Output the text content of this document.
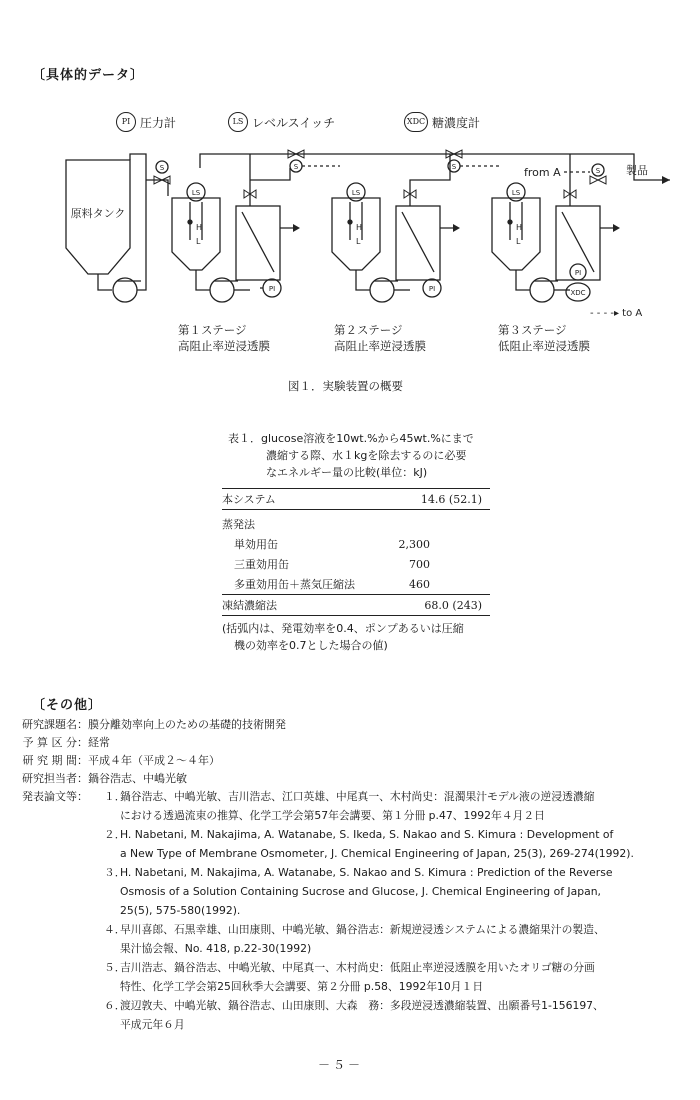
〔具体的データ〕
PI 圧力計	LS レベルスイッチ	XDC 糖濃度計
原料タンク
S	製品
LS
H
L
PI
S
LS
H
L
PI
S
LS
H
L
XDC
PI
from A	S
- - - -▸ to A
第１ステージ
高阻止率逆浸透膜
第２ステージ
高阻止率逆浸透膜
第３ステージ
低阻止率逆浸透膜
図１．実験装置の概要
表１．glucose溶液を10wt.%から45wt.%にまで
濃縮する際、水１kgを除去するのに必要
なエネルギー量の比較(単位：kJ)
本システム	14.6 (52.1)
蒸発法	
単効用缶	2,300
三重効用缶	700
多重効用缶＋蒸気圧縮法	460
凍結濃縮法	68.0 (243)
(括弧内は、発電効率を0.4、ポンプあるいは圧縮
機の効率を0.7とした場合の値)
〔その他〕
研究課題名：膜分離効率向上のための基礎的技術開発
予 算 区 分：経常
研 究 期 間：平成４年（平成２～４年）
研究担当者：鍋谷浩志、中嶋光敏
発表論文等： １．鍋谷浩志、中嶋光敏、吉川浩志、江口英雄、中尾真一、木村尚史：混濁果汁モデル液の逆浸透濃縮
における透過流束の推算、化学工学会第57年会講要、第１分冊 p.47、1992年４月２日
２．H. Nabetani, M. Nakajima, A. Watanabe, S. Ikeda, S. Nakao and S. Kimura : Development of
a New Type of Membrane Osmometer, J. Chemical Engineering of Japan, 25(3), 269-274(1992).
３．H. Nabetani, M. Nakajima, A. Watanabe, S. Nakao and S. Kimura : Prediction of the Reverse
Osmosis of a Solution Containing Sucrose and Glucose, J. Chemical Engineering of Japan,
25(5), 575-580(1992).
４．早川喜郎、石黒幸雄、山田康則、中嶋光敏、鍋谷浩志：新規逆浸透システムによる濃縮果汁の製造、
果汁協会報、No. 418, p.22-30(1992)
５．吉川浩志、鍋谷浩志、中嶋光敏、中尾真一、木村尚史：低阻止率逆浸透膜を用いたオリゴ糖の分画
特性、化学工学会第25回秋季大会講要、第２分冊 p.58、1992年10月１日
６．渡辺敦夫、中嶋光敏、鍋谷浩志、山田康則、大森　務：多段逆浸透濃縮装置、出願番号1-156197、
平成元年６月
－５－
